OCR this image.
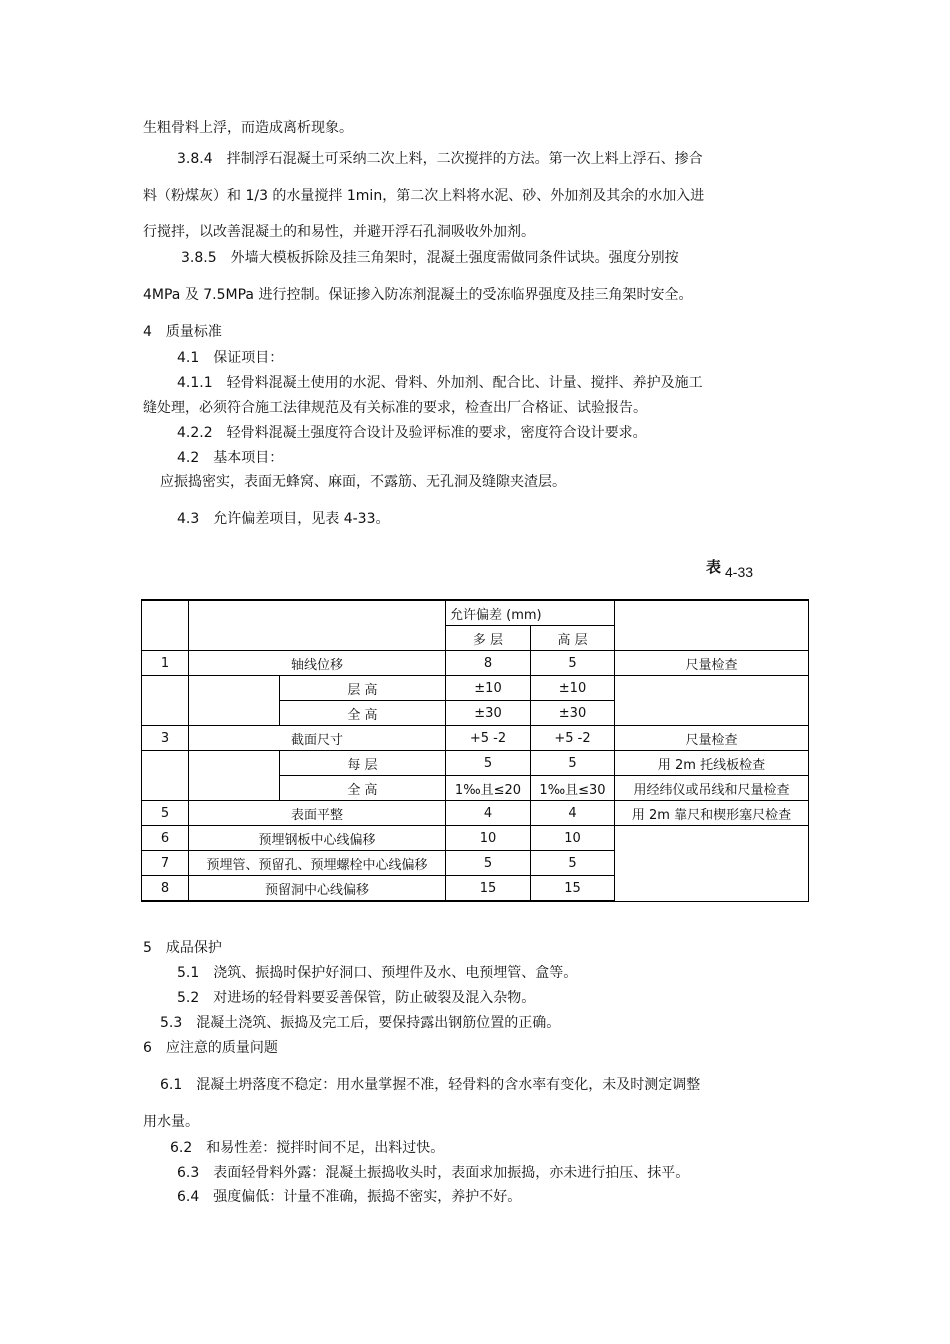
生粗骨料上浮，而造成离析现象。
3.8.4　拌制浮石混凝土可采纳二次上料，二次搅拌的方法。第一次上料上浮石、掺合
料（粉煤灰）和 1/3 的水量搅拌 1min，第二次上料将水泥、砂、外加剂及其余的水加入进
行搅拌，以改善混凝土的和易性，并避开浮石孔洞吸收外加剂。
3.8.5　外墙大模板拆除及挂三角架时，混凝土强度需做同条件试块。强度分别按
4MPa 及 7.5MPa 进行控制。保证掺入防冻剂混凝土的受冻临界强度及挂三角架时安全。
4　质量标准
4.1　保证项目：
4.1.1　轻骨料混凝土使用的水泥、骨料、外加剂、配合比、计量、搅拌、养护及施工
缝处理，必须符合施工法律规范及有关标准的要求，检查出厂合格证、试验报告。
4.2.2　轻骨料混凝土强度符合设计及验评标准的要求，密度符合设计要求。
4.2　基本项目：
应振捣密实，表面无蜂窝、麻面，不露筋、无孔洞及缝隙夹渣层。
4.3　允许偏差项目，见表 4-33。
表 4-33
			允许偏差 (mm)		
			多 层	高 层	
1	轴线位移		8	5	尺量检查
		层 高	±10	±10	
		全 高	±30	±30	
3	截面尺寸		+5 -2	+5 -2	尺量检查
		每 层	5	5	用 2m 托线板检查
		全 高	1‰且≤20	1‰且≤30	用经纬仪或吊线和尺量检查
5	表面平整		4	4	用 2m 靠尺和楔形塞尺检查
6	预埋钢板中心线偏移		10	10	
7	预埋管、预留孔、预埋螺栓中心线偏移		5	5	
8	预留洞中心线偏移		15	15	
5　成品保护
5.1　浇筑、振捣时保护好洞口、预埋件及水、电预埋管、盒等。
5.2　对进场的轻骨料要妥善保管，防止破裂及混入杂物。
5.3　混凝土浇筑、振捣及完工后，要保持露出钢筋位置的正确。
6　应注意的质量问题
6.1　混凝土坍落度不稳定：用水量掌握不准，轻骨料的含水率有变化，未及时测定调整
用水量。
6.2　和易性差：搅拌时间不足，出料过快。
6.3　表面轻骨料外露：混凝土振捣收头时，表面求加振捣，亦未进行拍压、抹平。
6.4　强度偏低：计量不准确，振捣不密实，养护不好。
